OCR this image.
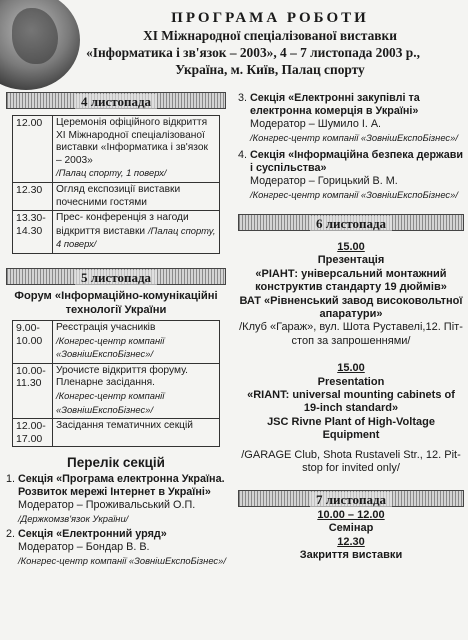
ПРОГРАМА РОБОТИ
XI Міжнародної спеціалізованої виставки
«Інформатика і зв'язок – 2003», 4 – 7 листопада 2003 р.,
Україна, м. Київ, Палац спорту
4 листопада
12.00	Церемонія офіційного відкриття XI Міжнародної спеціалізованої виставки «Інформатика і зв'язок – 2003»
/Палац спорту, 1 поверх/
12.30	Огляд експозиції виставки почесними гостями
13.30-14.30	Прес- конференція з нагоди відкриття виставки /Палац спорту, 4 поверх/
5 листопада
Форум «Інформаційно-комунікаційні технології України
9.00-10.00	Реєстрація учасників
/Конгрес-центр компанії «ЗовнішЕкспоБізнес»/
10.00-11.30	Урочисте відкриття форуму. Пленарне засідання.
/Конгрес-центр компанії «ЗовнішЕкспоБізнес»/
12.00-17.00	Засідання тематичних секцій
Перелік секцій
1. Секція «Програма електронна Україна. Розвиток мережі Інтернет в Україні»
Модератор – Проживальський О.П.
/Держкомзв'язок України/
2. Секція «Електронний уряд»
Модератор – Бондар В. В.
/Конгрес-центр компанії «ЗовнішЕкспоБізнес»/
3. Секція «Електронні закупівлі та електронна комерція в Україні»
Модератор – Шумило І. А.
/Конгрес-центр компанії «ЗовнішЕкспоБізнес»/
4. Секція «Інформаційна безпека держави і суспільства»
Модератор – Горицький В. М.
/Конгрес-центр компанії «ЗовнішЕкспоБізнес»/
6 листопада
15.00
Презентація
«РІАНТ: універсальний монтажний конструктив стандарту 19 дюймів»
ВАТ «Рівненський завод високовольтної апаратури»
/Клуб «Гараж», вул. Шота Руставелі,12. Піт-стоп за запрошеннями/
15.00
Presentation
«RIANT: universal mounting cabinets of 19-inch standard»
JSC Rivne Plant of High-Voltage Equipment
/GARAGE Club, Shota Rustaveli Str., 12. Pit-stop for invited only/
7 листопада
10.00 – 12.00
Семінар
12.30
Закриття виставки
